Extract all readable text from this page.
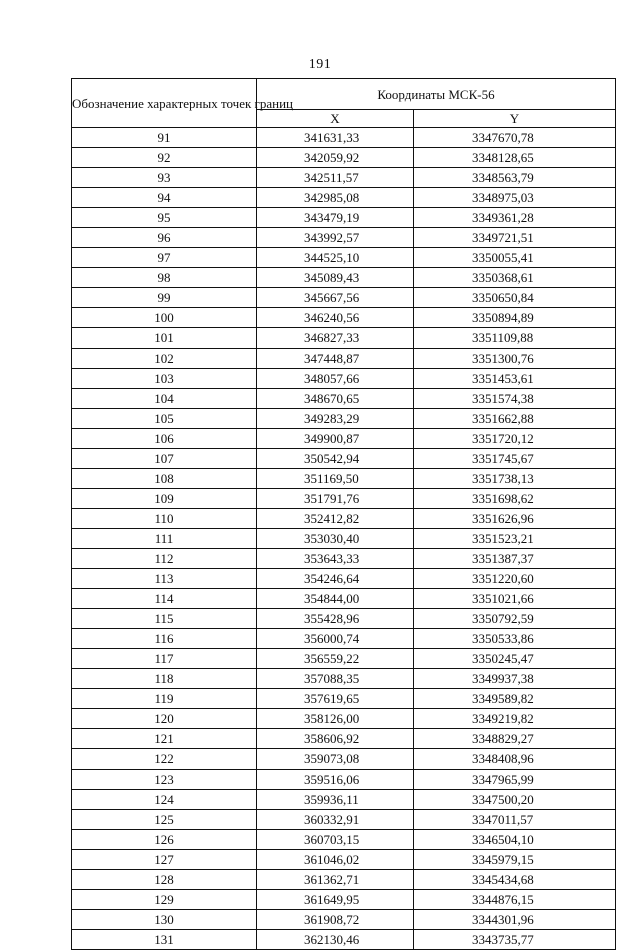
191
Обозначение характерных точек границ	Координаты МСК-56	
	X	Y
91	341631,33	3347670,78
92	342059,92	3348128,65
93	342511,57	3348563,79
94	342985,08	3348975,03
95	343479,19	3349361,28
96	343992,57	3349721,51
97	344525,10	3350055,41
98	345089,43	3350368,61
99	345667,56	3350650,84
100	346240,56	3350894,89
101	346827,33	3351109,88
102	347448,87	3351300,76
103	348057,66	3351453,61
104	348670,65	3351574,38
105	349283,29	3351662,88
106	349900,87	3351720,12
107	350542,94	3351745,67
108	351169,50	3351738,13
109	351791,76	3351698,62
110	352412,82	3351626,96
111	353030,40	3351523,21
112	353643,33	3351387,37
113	354246,64	3351220,60
114	354844,00	3351021,66
115	355428,96	3350792,59
116	356000,74	3350533,86
117	356559,22	3350245,47
118	357088,35	3349937,38
119	357619,65	3349589,82
120	358126,00	3349219,82
121	358606,92	3348829,27
122	359073,08	3348408,96
123	359516,06	3347965,99
124	359936,11	3347500,20
125	360332,91	3347011,57
126	360703,15	3346504,10
127	361046,02	3345979,15
128	361362,71	3345434,68
129	361649,95	3344876,15
130	361908,72	3344301,96
131	362130,46	3343735,77
